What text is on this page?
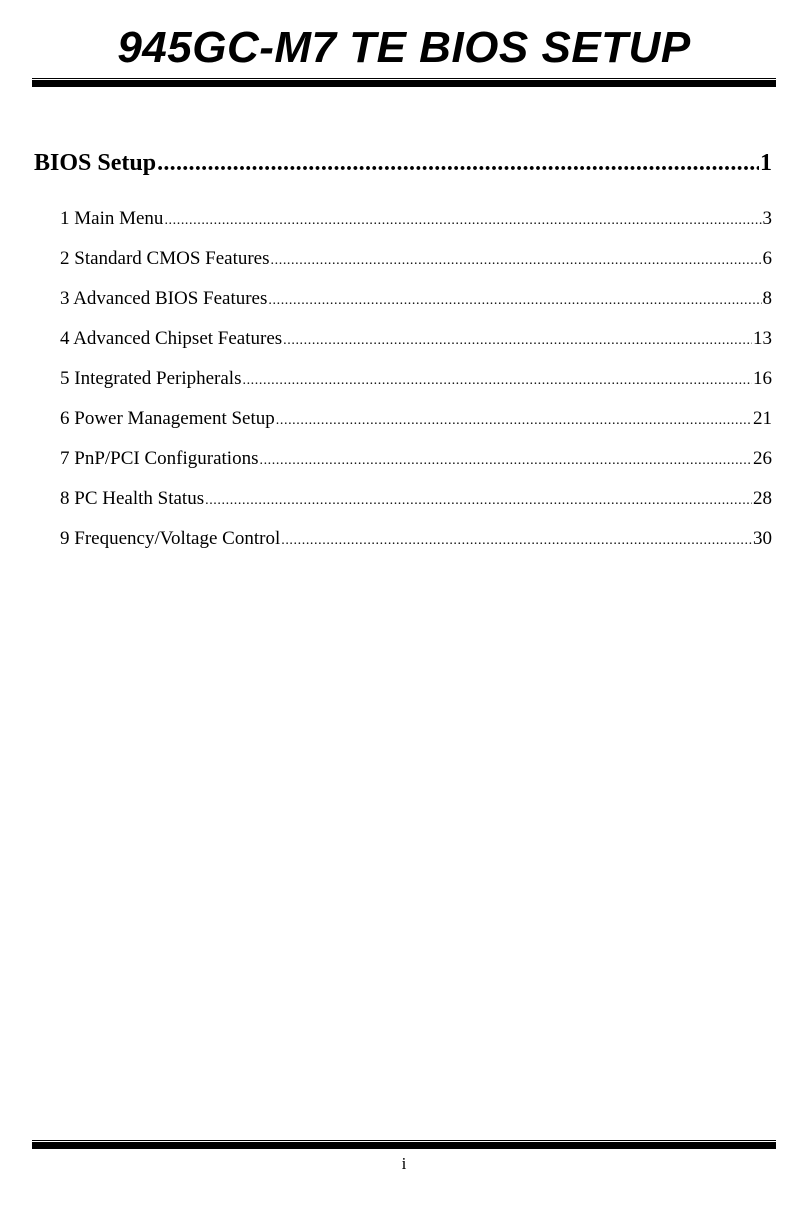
945GC-M7 TE BIOS SETUP
BIOS Setup .....	1
1 Main Menu .....	3
2 Standard CMOS Features .....	6
3 Advanced BIOS Features .....	8
4 Advanced Chipset Features .....	13
5 Integrated Peripherals .....	16
6 Power Management Setup .....	21
7 PnP/PCI Configurations .....	26
8 PC Health Status .....	28
9 Frequency/Voltage Control .....	30
i
